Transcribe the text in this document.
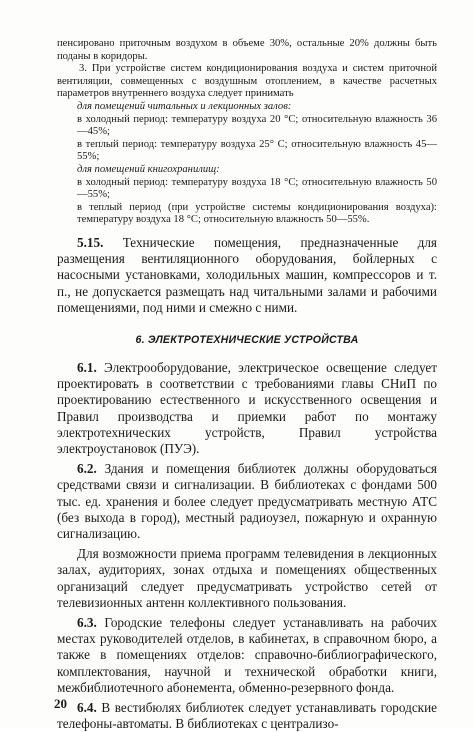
пенсировано приточным воздухом в объеме 30%, остальные 20% должны быть поданы в коридоры.

3. При устройстве систем кондиционирования воздуха и систем приточной вентиляции, совмещенных с воздушным отоплением, в качестве расчетных параметров внутреннего воздуха следует принимать

для помещений читальных и лекционных залов:

в холодный период: температуру воздуха 20 °С; относительную влажность 36—45%;

в теплый период: температуру воздуха 25° С; относительную влажность 45—55%;

для помещений книгохранилищ:

в холодный период: температуру воздуха 18 °С; относительную влажность 50—55%;

в теплый период (при устройстве системы кондиционирования воздуха): температуру воздуха 18 °С; относительную влажность 50—55%.

5.15. Технические помещения, предназначенные для размещения вентиляционного оборудования, бойлерных с насосными установками, холодильных машин, компрессоров и т. п., не допускается размещать над читальными залами и рабочими помещениями, под ними и смежно с ними.

6. ЭЛЕКТРОТЕХНИЧЕСКИЕ УСТРОЙСТВА

6.1. Электрооборудование, электрическое освещение следует проектировать в соответствии с требованиями главы СНиП по проектированию естественного и искусственного освещения и Правил производства и приемки работ по монтажу электротехнических устройств, Правил устройства электроустановок (ПУЭ).

6.2. Здания и помещения библиотек должны оборудоваться средствами связи и сигнализации. В библиотеках с фондами 500 тыс. ед. хранения и более следует предусматривать местную АТС (без выхода в город), местный радиоузел, пожарную и охранную сигнализацию.

Для возможности приема программ телевидения в лекционных залах, аудиториях, зонах отдыха и помещениях общественных организаций следует предусматривать устройство сетей от телевизионных антенн коллективного пользования.

6.3. Городские телефоны следует устанавливать на рабочих местах руководителей отделов, в кабинетах, в справочном бюро, а также в помещениях отделов: справочно-библиографического, комплектования, научной и технической обработки книги, межбиблиотечного абонемента, обменно-резервного фонда.

6.4. В вестибюлях библиотек следует устанавливать городские телефоны-автоматы. В библиотеках с централизо-

20
